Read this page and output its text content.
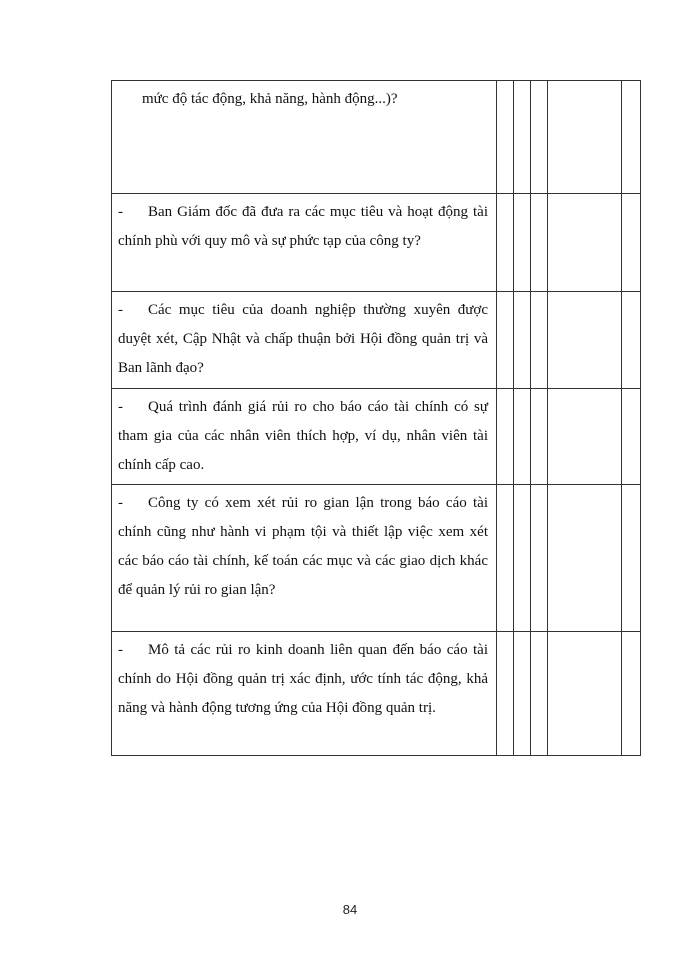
mức độ tác động, khả năng, hành động...)?					

- Ban Giám đốc đã đưa ra các mục tiêu và hoạt động tài chính phù với quy mô và sự phức tạp của công ty?					

- Các mục tiêu của doanh nghiệp thường xuyên được duyệt xét, Cập Nhật và chấp thuận bởi Hội đồng quản trị và Ban lãnh đạo?					

- Quá trình đánh giá rủi ro cho báo cáo tài chính có sự tham gia của các nhân viên thích hợp, ví dụ, nhân viên tài chính cấp cao.					

- Công ty có xem xét rủi ro gian lận trong báo cáo tài chính cũng như hành vi phạm tội và thiết lập việc xem xét các báo cáo tài chính, kế toán các mục và các giao dịch khác để quản lý rủi ro gian lận?					

- Mô tả các rủi ro kinh doanh liên quan đến báo cáo tài chính do Hội đồng quản trị xác định, ước tính tác động, khả năng và hành động tương ứng của Hội đồng quản trị.					

84
